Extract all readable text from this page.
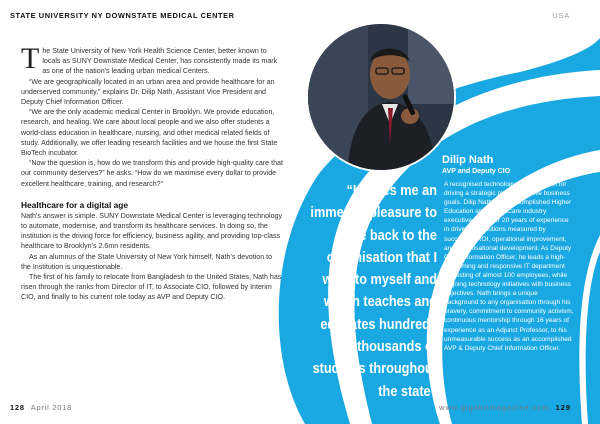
STATE UNIVERSITY NY DOWNSTATE MEDICAL CENTER	USA

The State University of New York Health Science Center, better known to locals as SUNY Downstate Medical Center, has consistently made its mark as one of the nation's leading urban medical Centers.

“We are geographically located in an urban area and provide healthcare for an underserved community,” explains Dr. Dilip Nath, Assistant Vice President and Deputy Chief Information Officer.

“We are the only academic medical Center in Brooklyn. We provide education, research, and healing. We care about local people and we also offer students a world-class education in healthcare, nursing, and other medical related fields of study. Additionally, we offer leading research facilities and we house the first State BioTech incubator.

“Now the question is, how do we transform this and provide high-quality care that our community deserves?” he asks. “How do we maximise every dollar to provide excellent healthcare, training, and research?”

Healthcare for a digital age

Nath's answer is simple. SUNY Downstate Medical Center is leveraging technology to automate, modernise, and transform its healthcare services. In doing so, the institution is the driving force for efficiency, business agility, and providing top-class healthcare to Brooklyn's 2.6mn residents.

As an alumnus of the State University of New York himself, Nath's devotion to the Institution is unquestionable.

The first of his family to relocate from Bangladesh to the United States, Nath has risen through the ranks from Director of IT, to Associate CIO, followed by Interim CIO, and finally to his current role today as AVP and Deputy CIO.

Dilip Nath
AVP and Deputy CIO
“It gives me an immense pleasure to give back to the organisation that I went to myself and which teaches and educates hundreds of thousands of students throughout the state”
A recognised technology leader known for driving a strategic plan to achieve business goals. Dilip Nath is an accomplished Higher Education and HealthCare industry executive with over 20 years of experience in driving IT solutions measured by successful ROI, operational improvement, and organisational development. As Deputy Chief Information Officer, he leads a high-performing and responsive IT department consisting of almost 100 employees, while aligning technology initiatives with business objectives. Nath brings a unique background to any organisation through his bravery, commitment to community activism, continuous mentorship through 16 years of experience as an Adjunct Professor, to his unmeasurable success as an accomplished AVP & Deputy Chief Information Officer.
128 April 2018	www.gigabitmagazine.com 129
